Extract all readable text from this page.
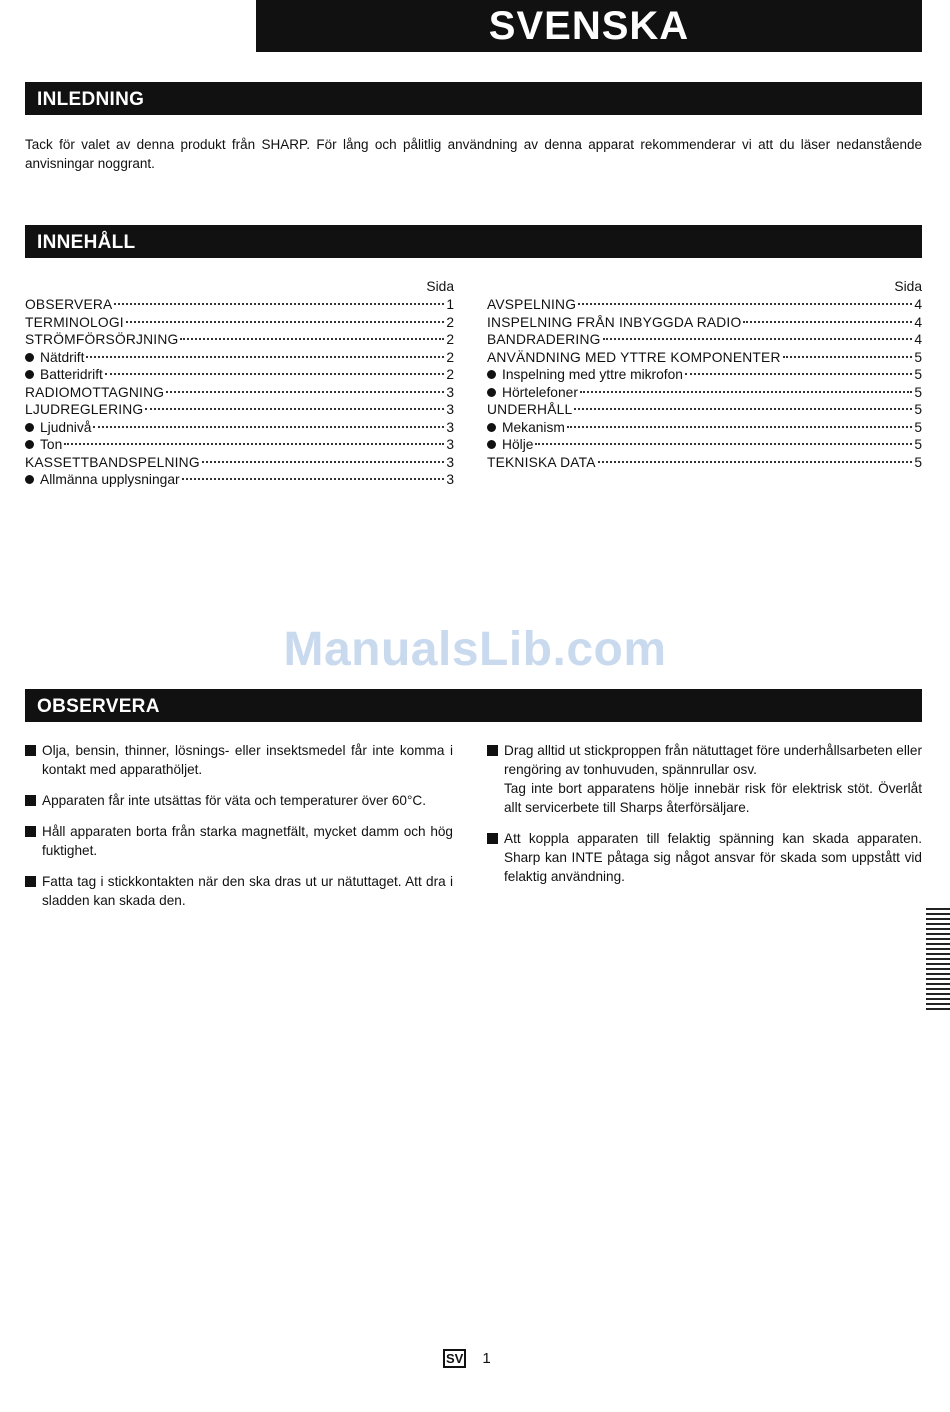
SVENSKA
INLEDNING
Tack för valet av denna produkt från SHARP. För lång och pålitlig användning av denna apparat rekommenderar vi att du läser nedanstående anvisningar noggrant.
INNEHÅLL
Sida
OBSERVERA	1
TERMINOLOGI	2
STRÖMFÖRSÖRJNING	2
Nätdrift	2
Batteridrift	2
RADIOMOTTAGNING	3
LJUDREGLERING	3
Ljudnivå	3
Ton	3
KASSETTBANDSPELNING	3
Allmänna upplysningar	3
Sida
AVSPELNING	4
INSPELNING FRÅN INBYGGDA RADIO	4
BANDRADERING	4
ANVÄNDNING MED YTTRE KOMPONENTER	5
Inspelning med yttre mikrofon	5
Hörtelefoner	5
UNDERHÅLL	5
Mekanism	5
Hölje	5
TEKNISKA DATA	5
ManualsLib.com
OBSERVERA

Olja, bensin, thinner, lösnings- eller insektsmedel får inte komma i kontakt med apparathöljet.

Apparaten får inte utsättas för väta och temperaturer över 60°C.

Håll apparaten borta från starka magnetfält, mycket damm och hög fuktighet.

Fatta tag i stickkontakten när den ska dras ut ur nätuttaget. Att dra i sladden kan skada den.

Drag alltid ut stickproppen från nätuttaget före underhållsarbeten eller rengöring av tonhuvuden, spännrullar osv.

Tag inte bort apparatens hölje innebär risk för elektrisk stöt. Överlåt allt servicerbete till Sharps återförsäljare.

Att koppla apparaten till felaktig spänning kan skada apparaten. Sharp kan INTE påtaga sig något ansvar för skada som uppstått vid felaktig användning.

SV 1
